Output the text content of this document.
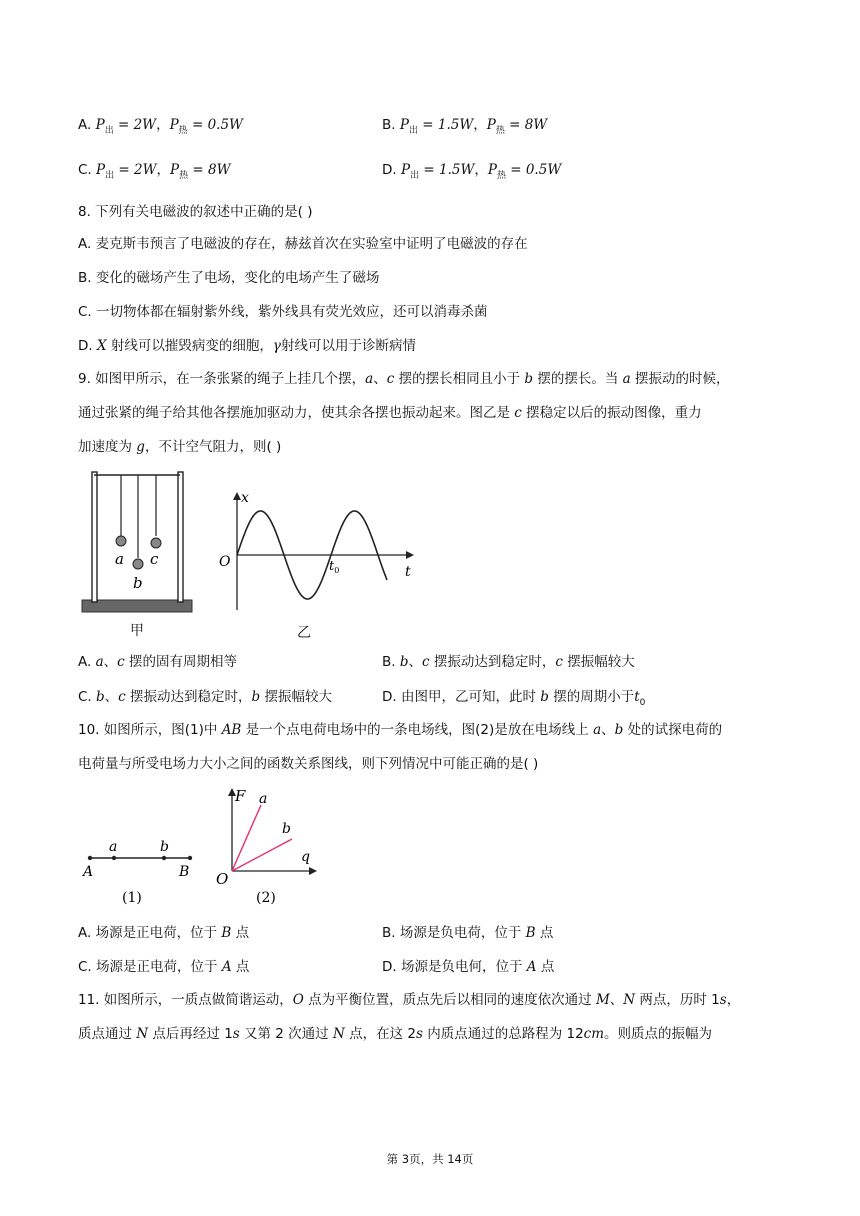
A. $P_出 = 2W$，$P_热 = 0.5W$	B. $P_出 = 1.5W$，$P_热 = 8W$
C. $P_出 = 2W$，$P_热 = 8W$	D. $P_出 = 1.5W$，$P_热 = 0.5W$
8. 下列有关电磁波的叙述中正确的是( )
A. 麦克斯韦预言了电磁波的存在，赫兹首次在实验室中证明了电磁波的存在
B. 变化的磁场产生了电场，变化的电场产生了磁场
C. 一切物体都在辐射紫外线，紫外线具有荧光效应，还可以消毒杀菌
D. X 射线可以摧毁病变的细胞，γ射线可以用于诊断病情
9. 如图甲所示，在一条张紧的绳子上挂几个摆，a、c 摆的摆长相同且小于 b 摆的摆长。当 a 摆振动的时候，
通过张紧的绳子给其他各摆施加驱动力，使其余各摆也振动起来。图乙是 c 摆稳定以后的振动图像，重力
加速度为 g，不计空气阻力，则( )
a
b
c
甲
x
O
t
$t_0$
乙
A. a、c 摆的固有周期相等	B. b、c 摆振动达到稳定时，c 摆振幅较大
C. b、c 摆振动达到稳定时，b 摆振幅较大	D. 由图甲，乙可知，此时 b 摆的周期小于$t_0$
10. 如图所示，图(1)中 AB 是一个点电荷电场中的一条电场线，图(2)是放在电场线上 a、b 处的试探电荷的
电荷量与所受电场力大小之间的函数关系图线，则下列情况中可能正确的是( )
a	b
A	B
(1)
F a
b
q
O
(2)
A. 场源是正电荷，位于 B 点	B. 场源是负电荷，位于 B 点
C. 场源是正电荷，位于 A 点	D. 场源是负电何，位于 A 点
11. 如图所示，一质点做简谐运动，O 点为平衡位置，质点先后以相同的速度依次通过 M、N 两点，历时 1s，
质点通过 N 点后再经过 1s 又第 2 次通过 N 点，在这 2s 内质点通过的总路程为 12cm。则质点的振幅为
第 3页，共 14页
